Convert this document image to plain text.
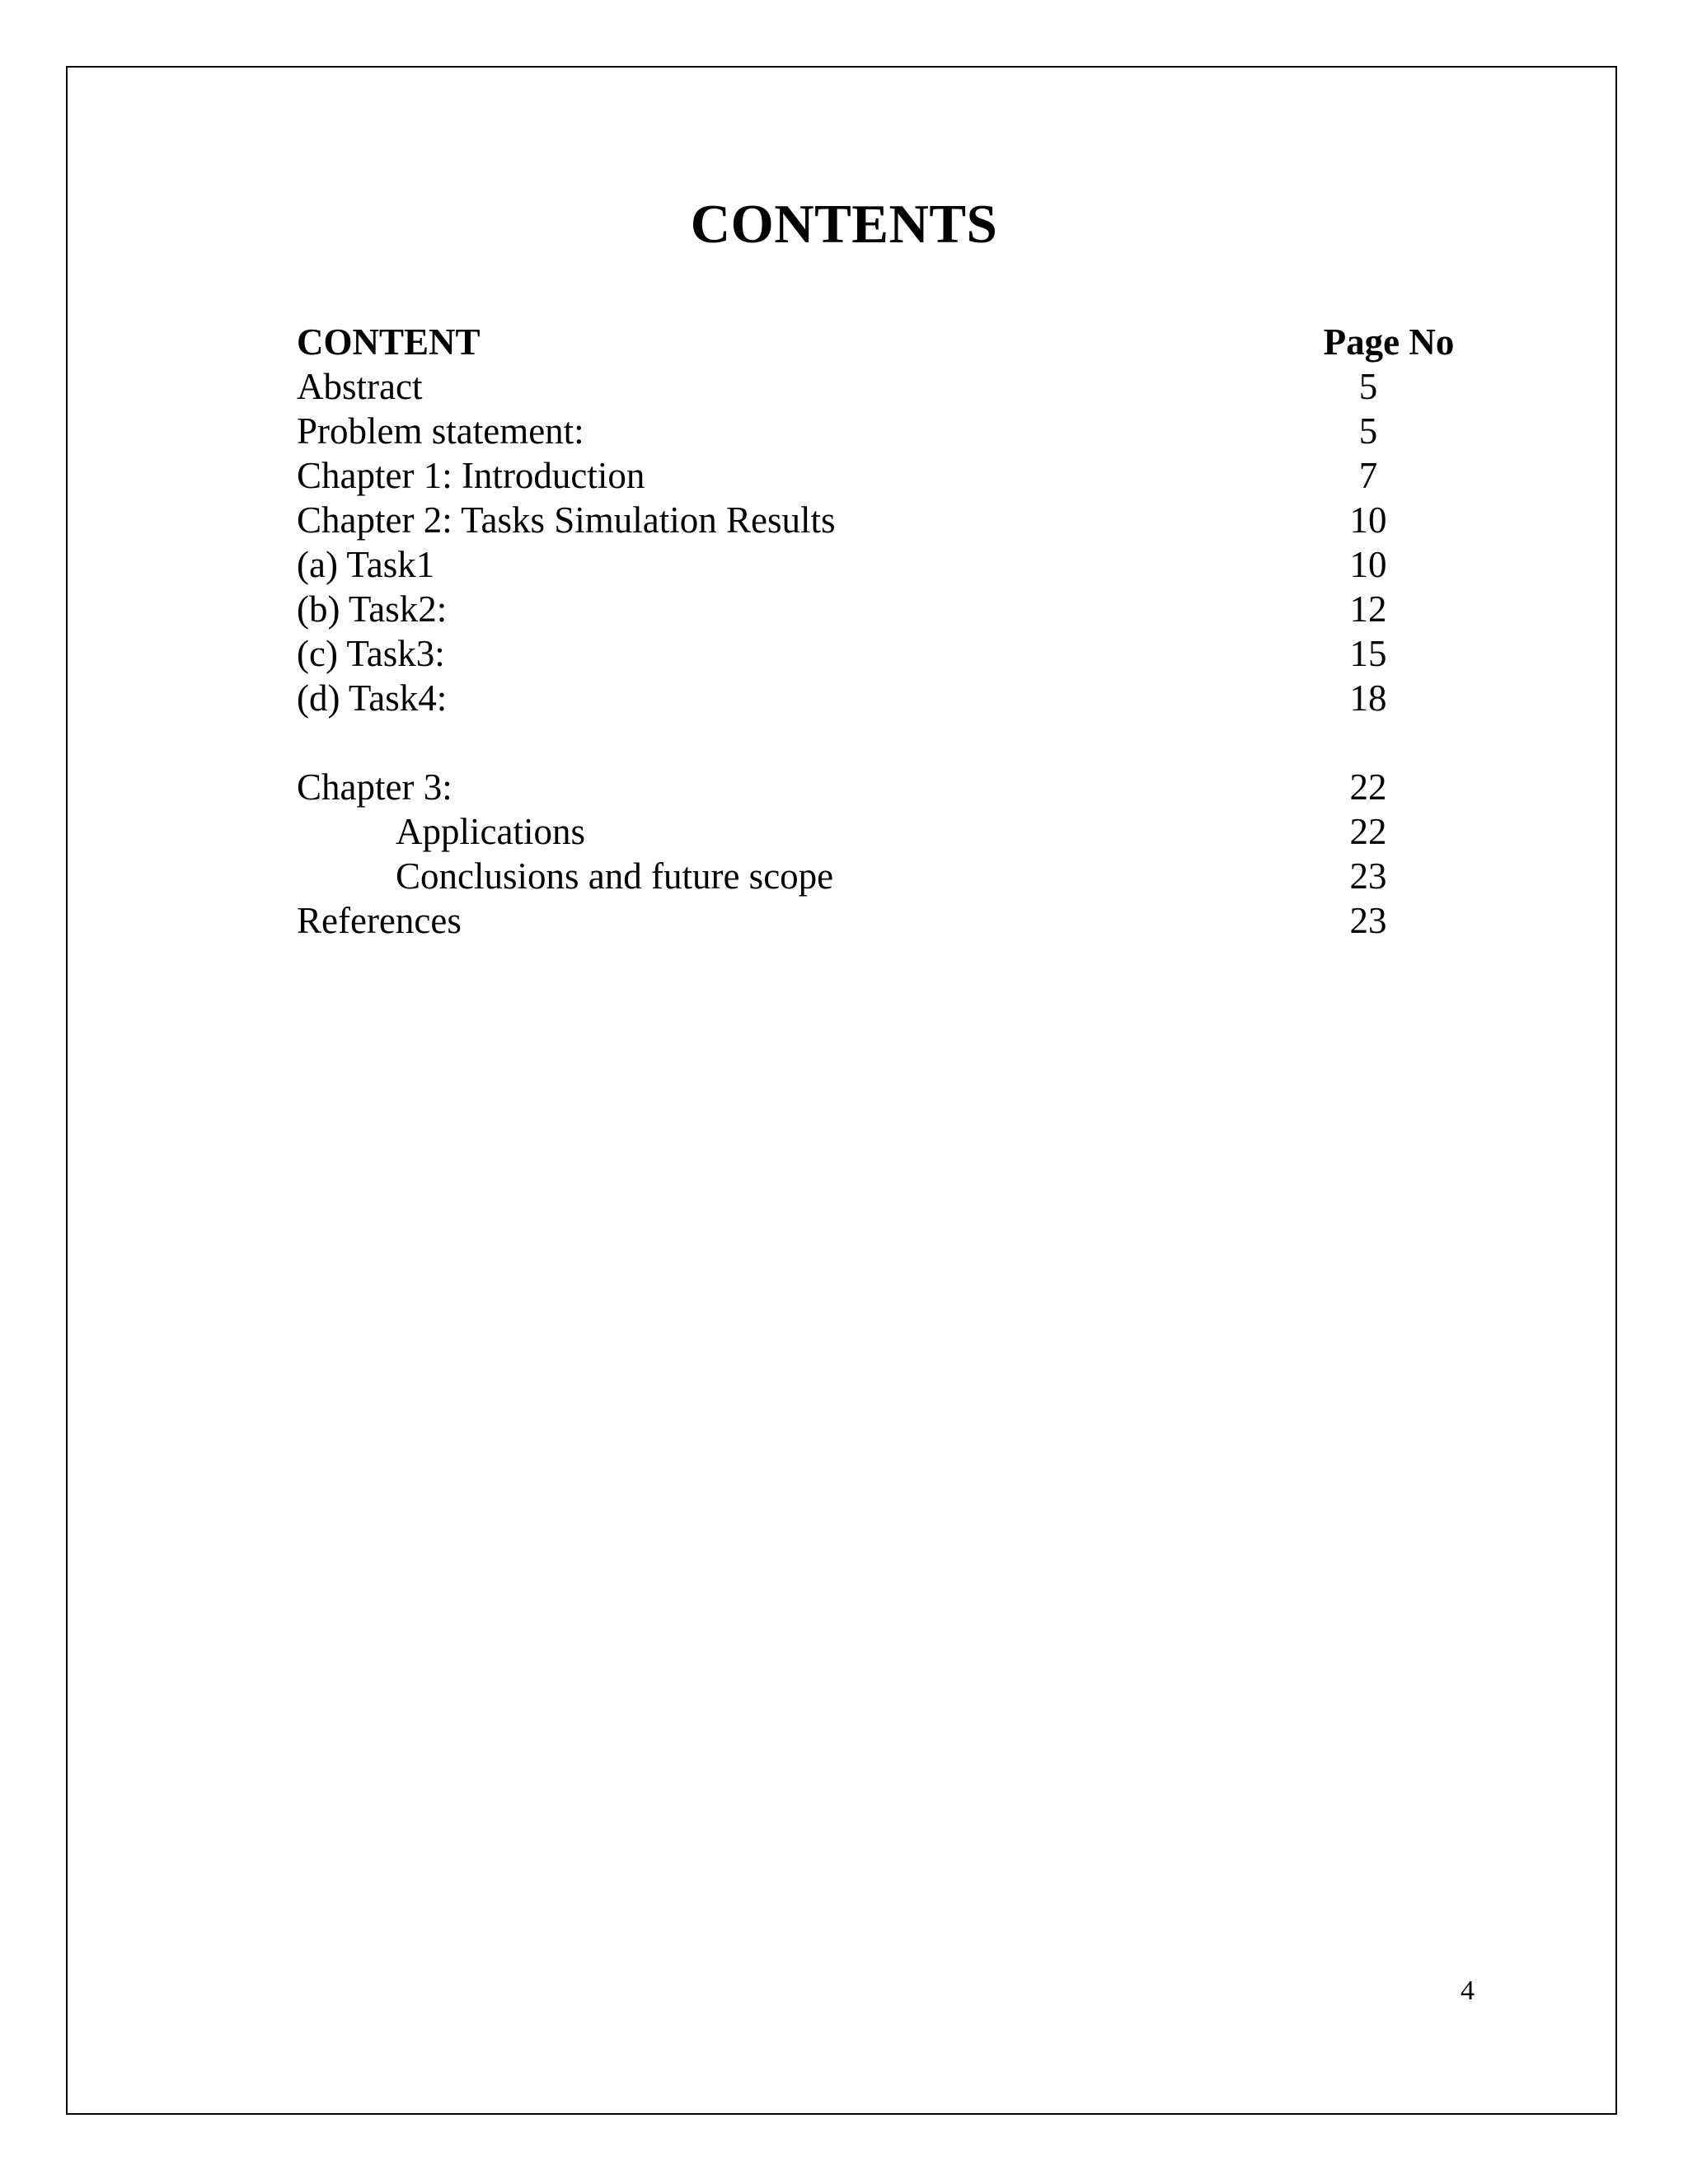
CONTENTS
CONTENT	Page No
Abstract	5
Problem statement:	5
Chapter 1: Introduction	7
Chapter 2: Tasks Simulation Results	10
(a) Task1	10
(b) Task2:	12
(c) Task3:	15
(d) Task4:	18
Chapter 3:	22
Applications	22
Conclusions and future scope	23
References	23
4
